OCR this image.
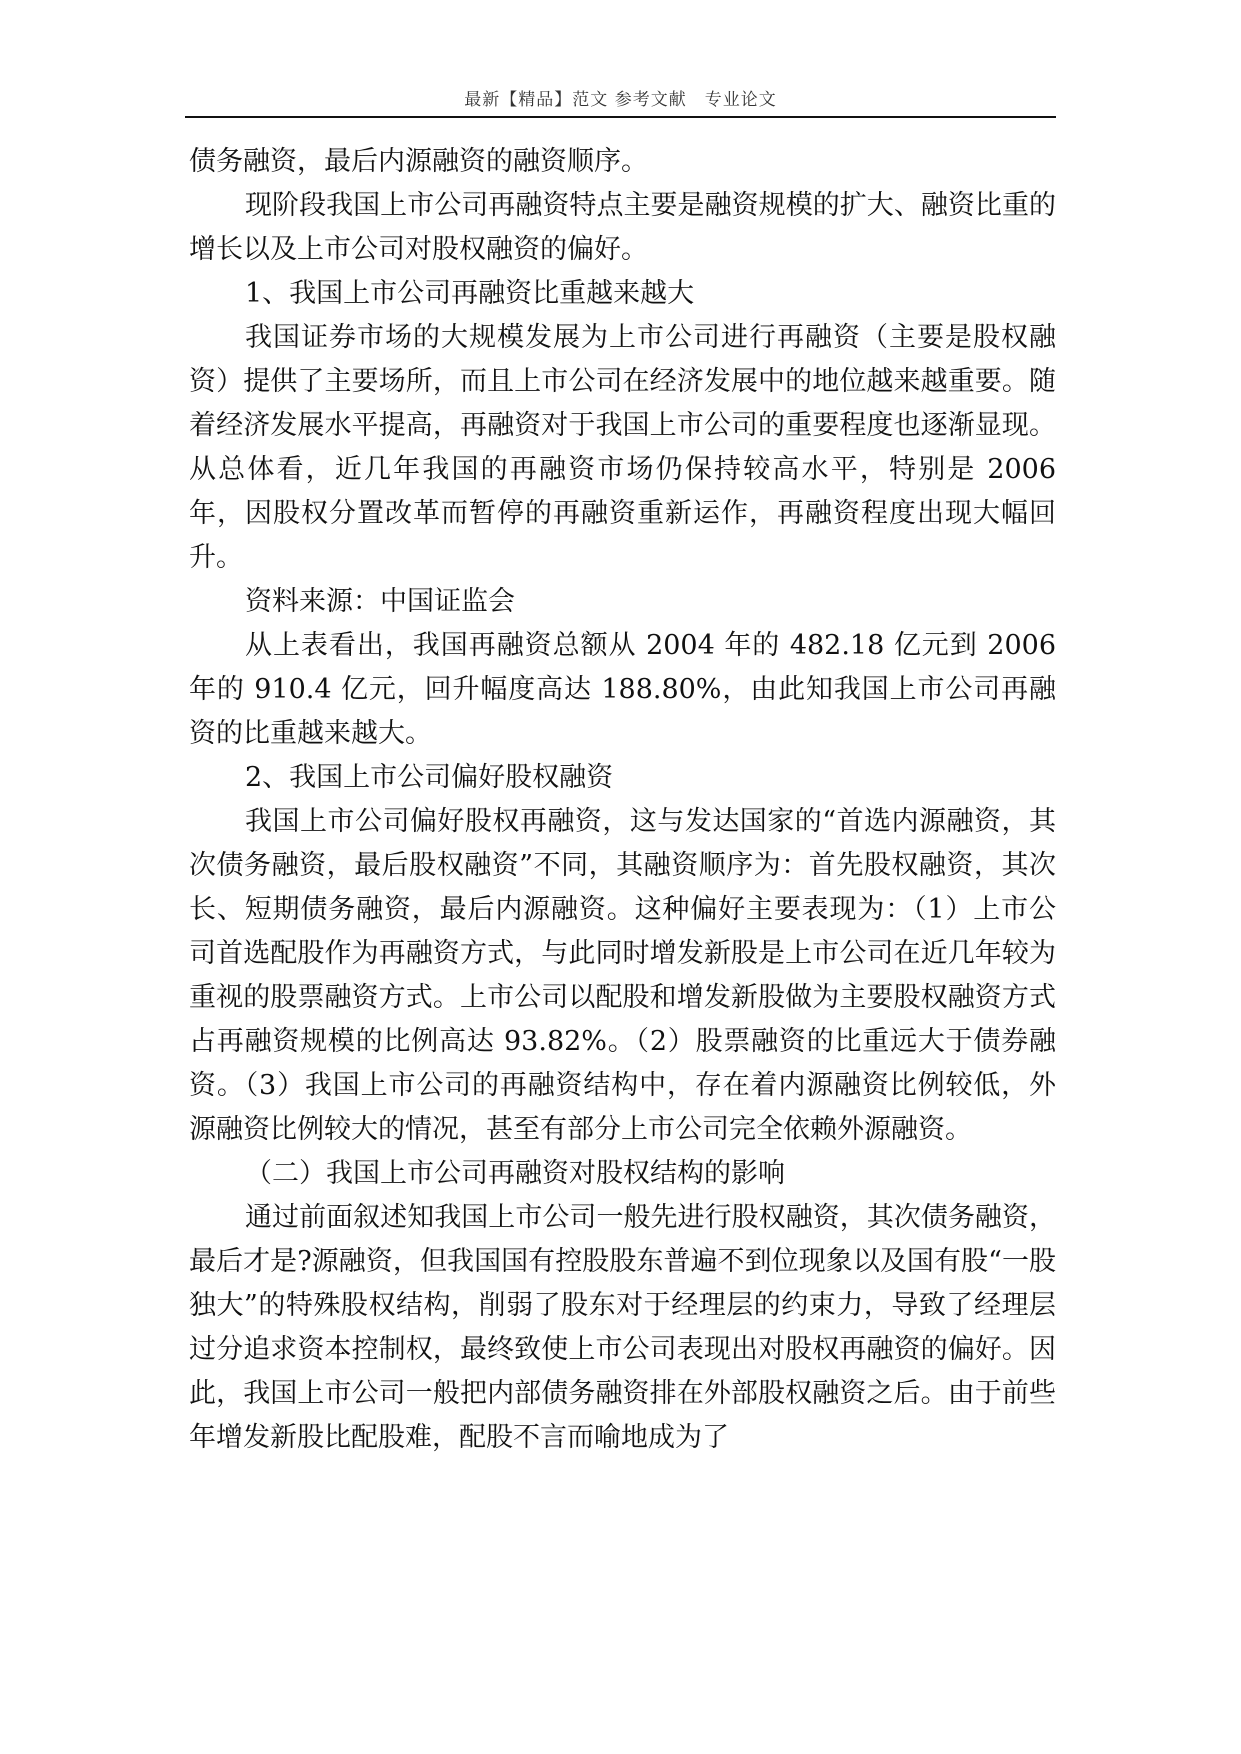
最新【精品】范文 参考文献　专业论文

债务融资，最后内源融资的融资顺序。

现阶段我国上市公司再融资特点主要是融资规模的扩大、融资比重的增长以及上市公司对股权融资的偏好。

1、我国上市公司再融资比重越来越大

我国证券市场的大规模发展为上市公司进行再融资（主要是股权融资）提供了主要场所，而且上市公司在经济发展中的地位越来越重要。随着经济发展水平提高，再融资对于我国上市公司的重要程度也逐渐显现。从总体看，近几年我国的再融资市场仍保持较高水平，特别是 2006 年，因股权分置改革而暂停的再融资重新运作，再融资程度出现大幅回升。

资料来源：中国证监会

从上表看出，我国再融资总额从 2004 年的 482.18 亿元到 2006 年的 910.4 亿元，回升幅度高达 188.80%，由此知我国上市公司再融资的比重越来越大。

2、我国上市公司偏好股权融资

我国上市公司偏好股权再融资，这与发达国家的“首选内源融资，其次债务融资，最后股权融资”不同，其融资顺序为：首先股权融资，其次长、短期债务融资，最后内源融资。这种偏好主要表现为：（1）上市公司首选配股作为再融资方式，与此同时增发新股是上市公司在近几年较为重视的股票融资方式。上市公司以配股和增发新股做为主要股权融资方式占再融资规模的比例高达 93.82%。（2）股票融资的比重远大于债券融资。（3）我国上市公司的再融资结构中，存在着内源融资比例较低，外源融资比例较大的情况，甚至有部分上市公司完全依赖外源融资。

（二）我国上市公司再融资对股权结构的影响

通过前面叙述知我国上市公司一般先进行股权融资，其次债务融资，最后才是?源融资，但我国国有控股股东普遍不到位现象以及国有股“一股独大”的特殊股权结构，削弱了股东对于经理层的约束力，导致了经理层过分追求资本控制权，最终致使上市公司表现出对股权再融资的偏好。因此，我国上市公司一般把内部债务融资排在外部股权融资之后。由于前些年增发新股比配股难，配股不言而喻地成为了
